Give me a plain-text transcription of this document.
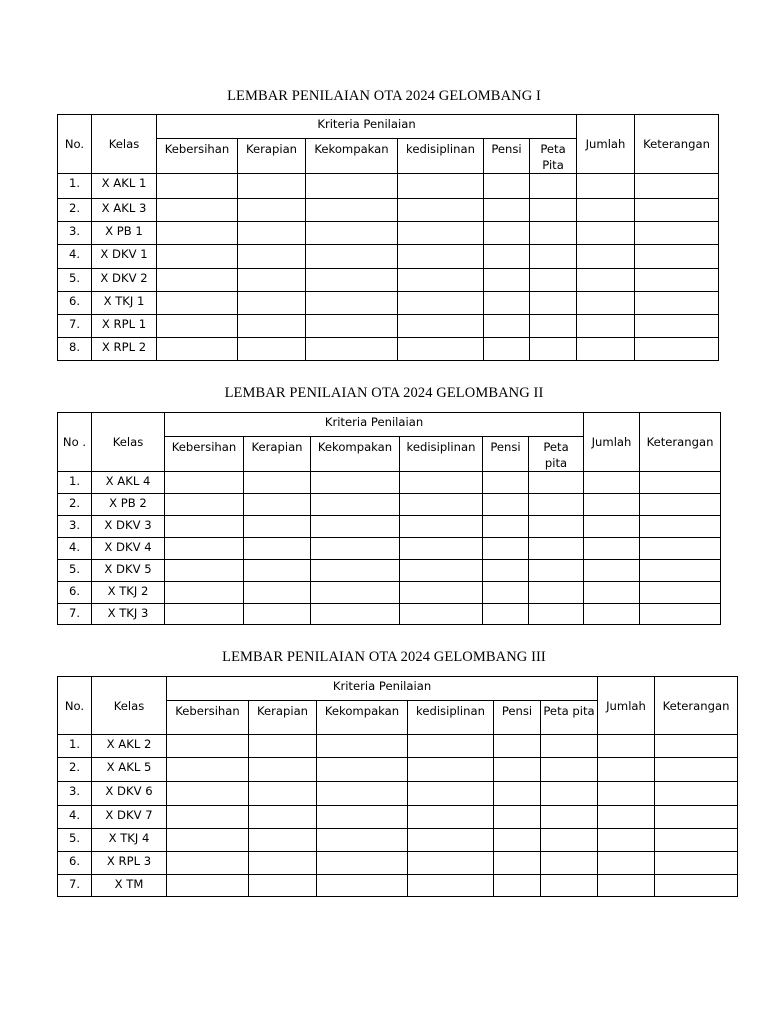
LEMBAR PENILAIAN OTA 2024 GELOMBANG I
No.	Kelas	Kriteria Penilaian						Jumlah	Keterangan
		Kebersihan	Kerapian	Kekompakan	kedisiplinan	Pensi	Peta Pita		
1.	X AKL 1								
2.	X AKL 3								
3.	X PB 1								
4.	X DKV 1								
5.	X DKV 2								
6.	X TKJ 1								
7.	X RPL 1								
8.	X RPL 2								
LEMBAR PENILAIAN OTA 2024 GELOMBANG II
No .	Kelas	Kriteria Penilaian						Jumlah	Keterangan
		Kebersihan	Kerapian	Kekompakan	kedisiplinan	Pensi	Peta pita		
1.	X AKL 4								
2.	X PB 2								
3.	X DKV 3								
4.	X DKV 4								
5.	X DKV 5								
6.	X TKJ 2								
7.	X TKJ 3								
LEMBAR PENILAIAN OTA 2024 GELOMBANG III
No.	Kelas	Kriteria Penilaian						Jumlah	Keterangan
		Kebersihan	Kerapian	Kekompakan	kedisiplinan	Pensi	Peta pita		
1.	X AKL 2								
2.	X AKL 5								
3.	X DKV 6								
4.	X DKV 7								
5.	X TKJ 4								
6.	X RPL 3								
7.	X TM								
